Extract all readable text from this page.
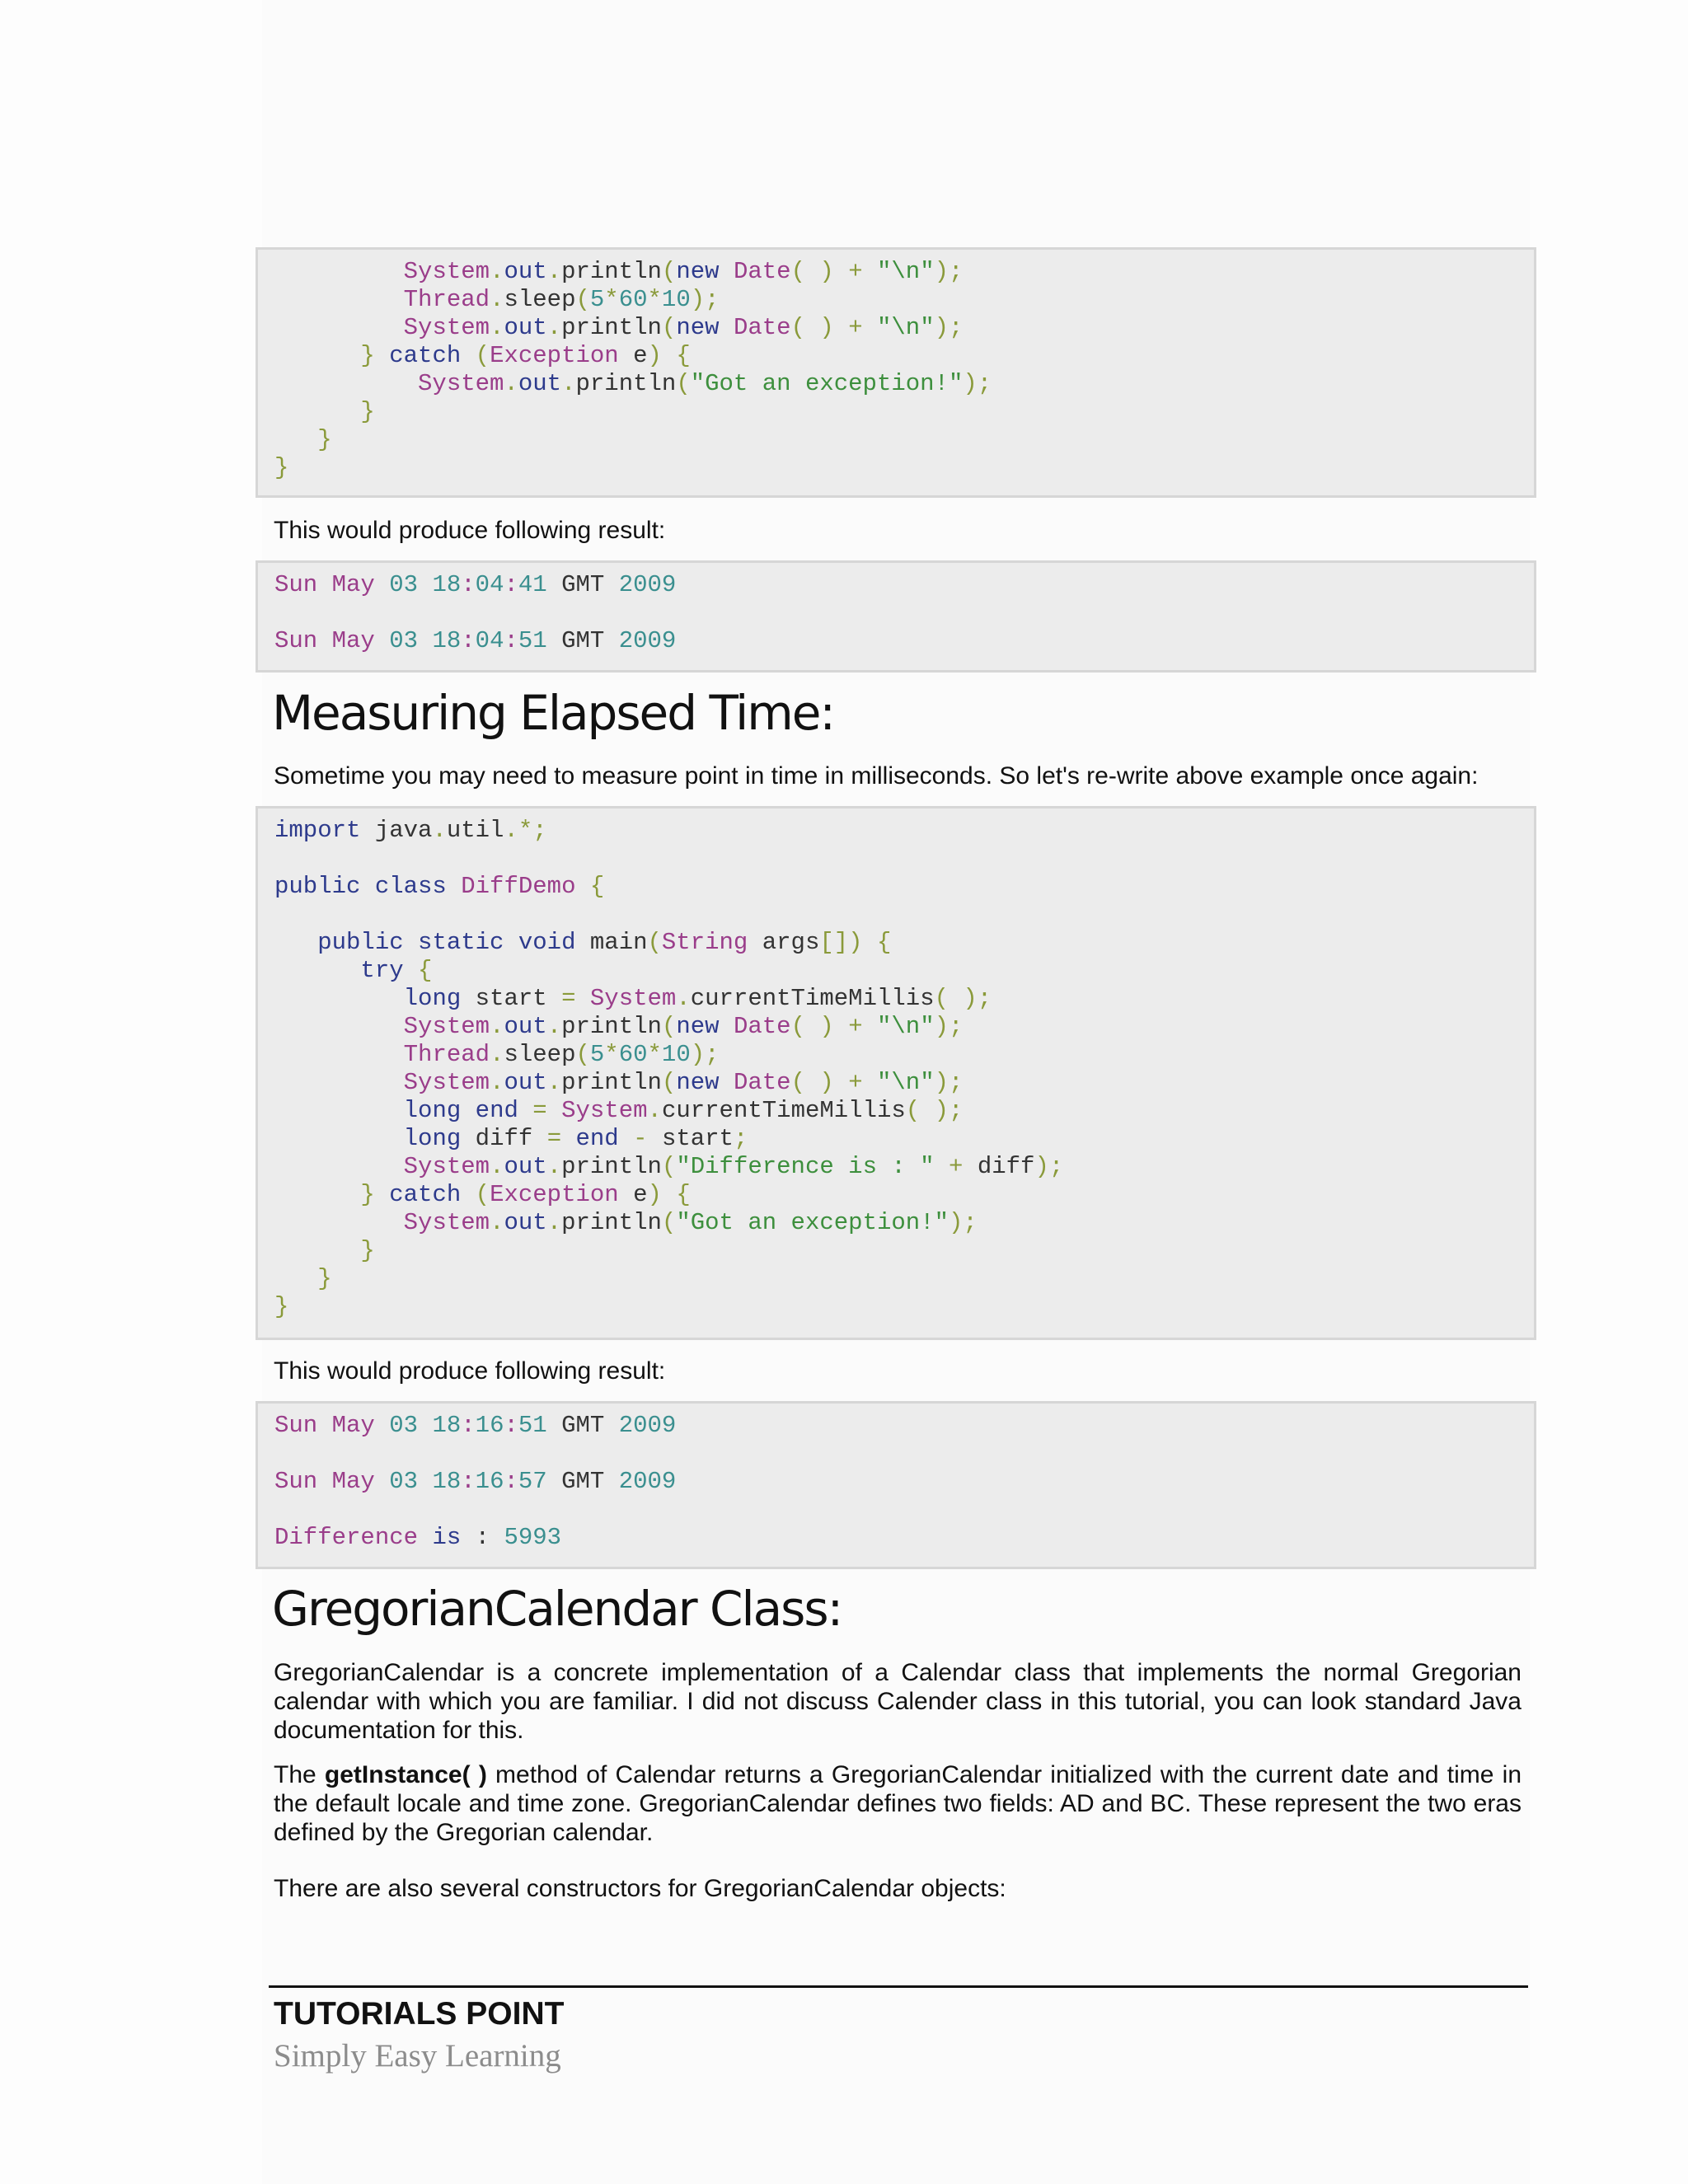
System.out.println(new Date( ) + "\n");
Thread.sleep(5*60*10);
System.out.println(new Date( ) + "\n");
} catch (Exception e) {
System.out.println("Got an exception!");
}
}
}
This would produce following result:
Sun May 03 18:04:41 GMT 2009
Sun May 03 18:04:51 GMT 2009
Measuring Elapsed Time:
Sometime you may need to measure point in time in milliseconds. So let's re-write above example once again:
import java.util.*;
public class DiffDemo {
public static void main(String args[]) {
try {
long start = System.currentTimeMillis( );
System.out.println(new Date( ) + "\n");
Thread.sleep(5*60*10);
System.out.println(new Date( ) + "\n");
long end = System.currentTimeMillis( );
long diff = end - start;
System.out.println("Difference is : " + diff);
} catch (Exception e) {
System.out.println("Got an exception!");
}
}
}
This would produce following result:
Sun May 03 18:16:51 GMT 2009
Sun May 03 18:16:57 GMT 2009
Difference is : 5993
GregorianCalendar Class:
GregorianCalendar is a concrete implementation of a Calendar class that implements the normal Gregorian calendar with which you are familiar. I did not discuss Calender class in this tutorial, you can look standard Java documentation for this.
The getInstance( ) method of Calendar returns a GregorianCalendar initialized with the current date and time in the default locale and time zone. GregorianCalendar defines two fields: AD and BC. These represent the two eras defined by the Gregorian calendar.
There are also several constructors for GregorianCalendar objects:
TUTORIALS POINT
Simply Easy Learning
